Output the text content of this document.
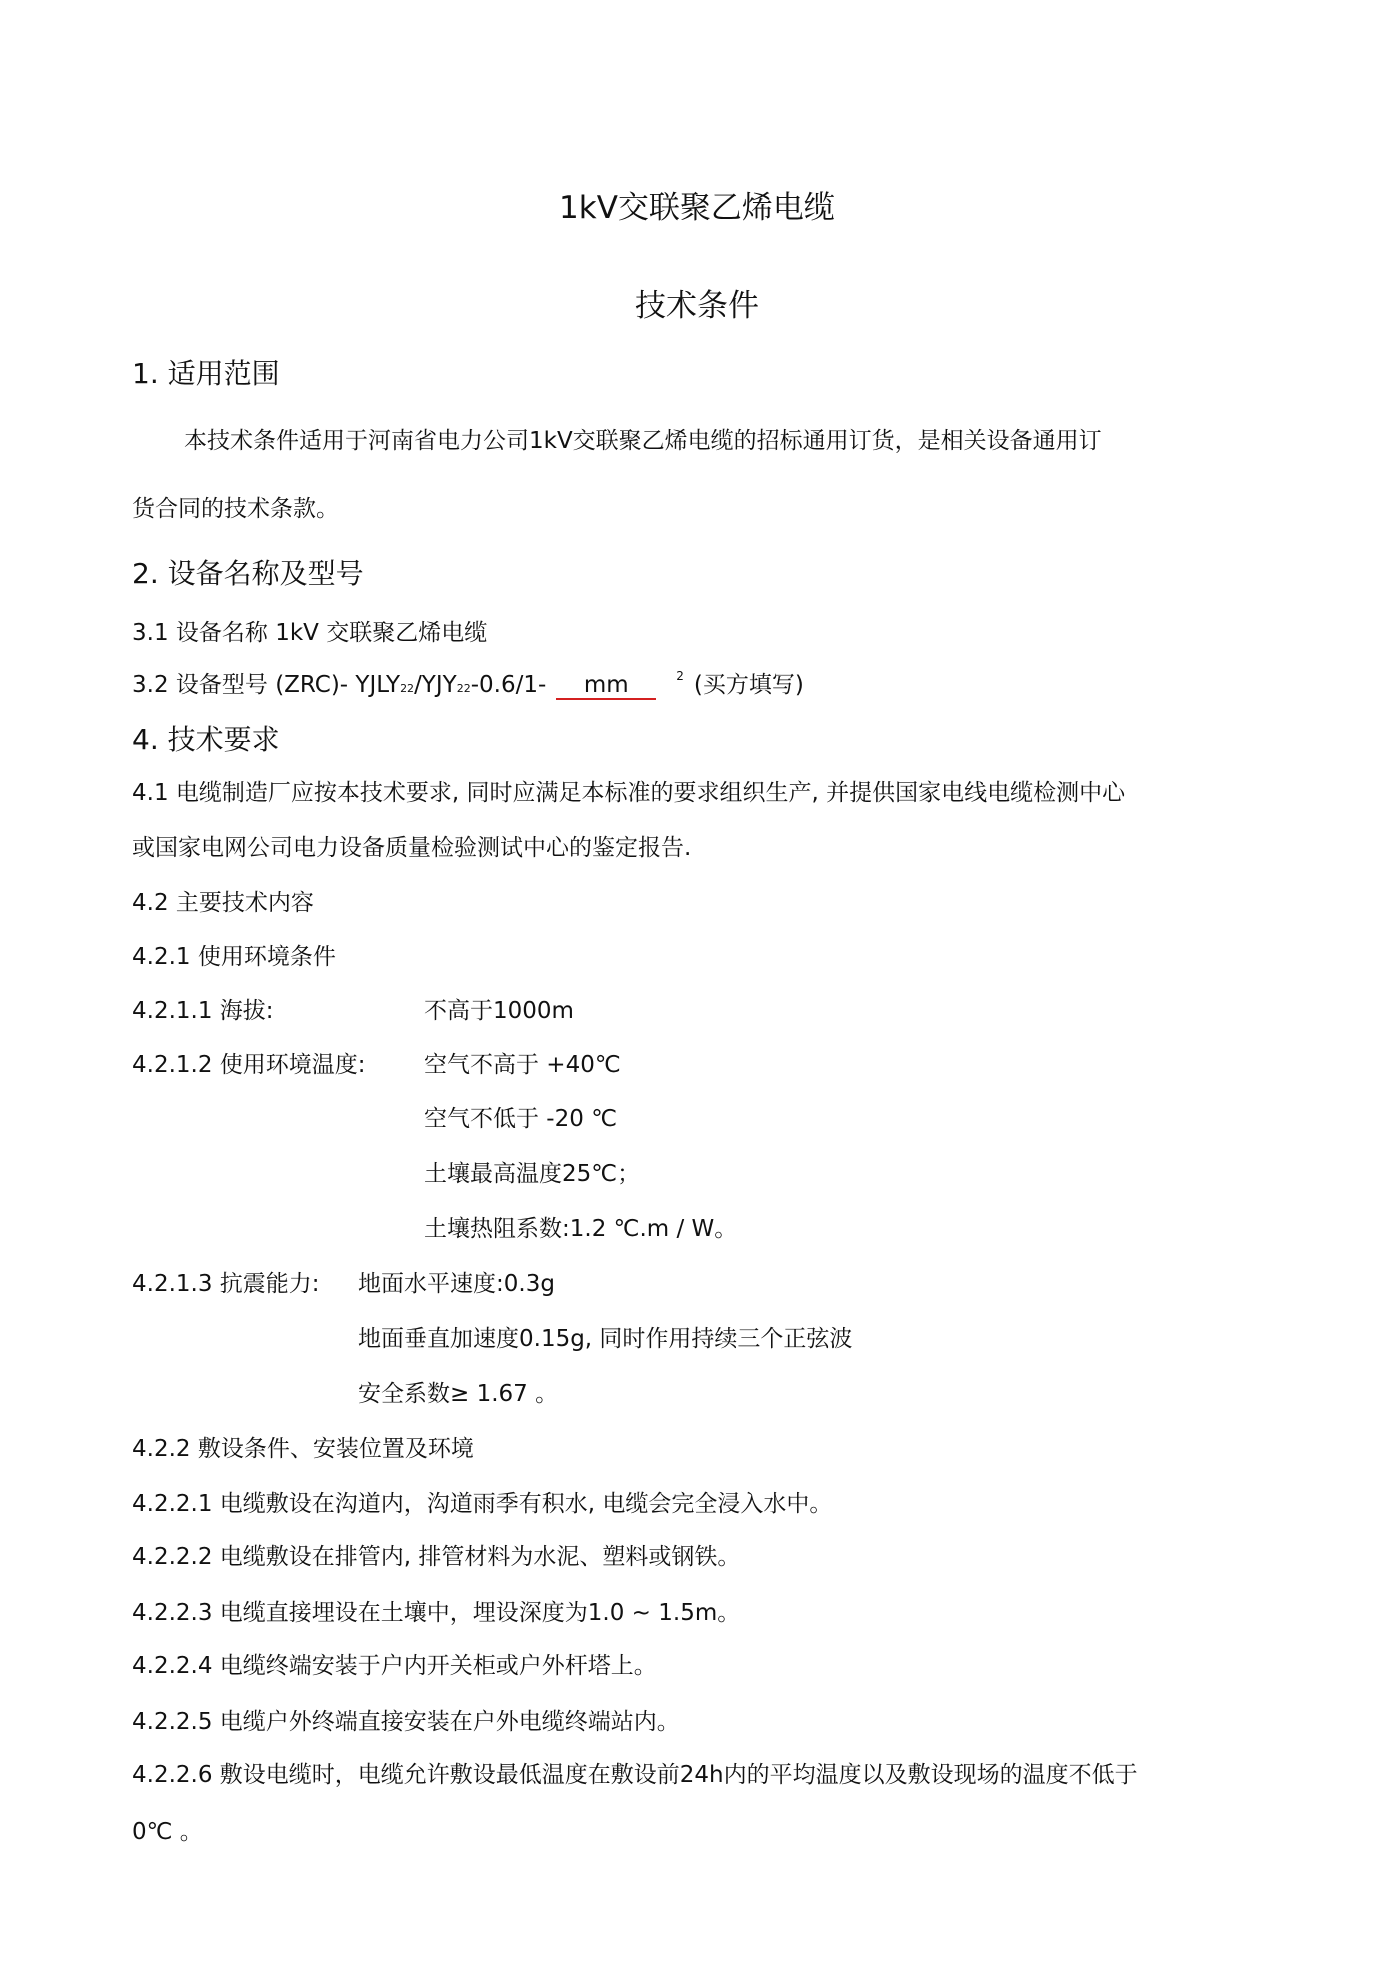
1kV交联聚乙烯电缆
技术条件
1. 适用范围
本技术条件适用于河南省电力公司1kV交联聚乙烯电缆的招标通用订货，是相关设备通用订
货合同的技术条款。
2. 设备名称及型号
3.1 设备名称 1kV 交联聚乙烯电缆
3.2 设备型号 (ZRC)- YJLY22/YJY22-0.6/1- mm	$^2$ (买方填写)
4. 技术要求
4.1 电缆制造厂应按本技术要求, 同时应满足本标准的要求组织生产, 并提供国家电线电缆检测中心
或国家电网公司电力设备质量检验测试中心的鉴定报告.
4.2 主要技术内容
4.2.1 使用环境条件
4.2.1.1 海拔:	不高于1000m
4.2.1.2 使用环境温度:	空气不高于 +40℃
空气不低于 -20 ℃
土壤最高温度25℃；
土壤热阻系数:1.2 ℃.m / W。
4.2.1.3 抗震能力: 地面水平速度:0.3g
地面垂直加速度0.15g, 同时作用持续三个正弦波
安全系数≥ 1.67 。
4.2.2 敷设条件、安装位置及环境
4.2.2.1 电缆敷设在沟道内，沟道雨季有积水, 电缆会完全浸入水中。
4.2.2.2 电缆敷设在排管内, 排管材料为水泥、塑料或钢铁。
4.2.2.3 电缆直接埋设在土壤中，埋设深度为1.0 ~ 1.5m。
4.2.2.4 电缆终端安装于户内开关柜或户外杆塔上。
4.2.2.5 电缆户外终端直接安装在户外电缆终端站内。
4.2.2.6 敷设电缆时，电缆允许敷设最低温度在敷设前24h内的平均温度以及敷设现场的温度不低于
0℃ 。
